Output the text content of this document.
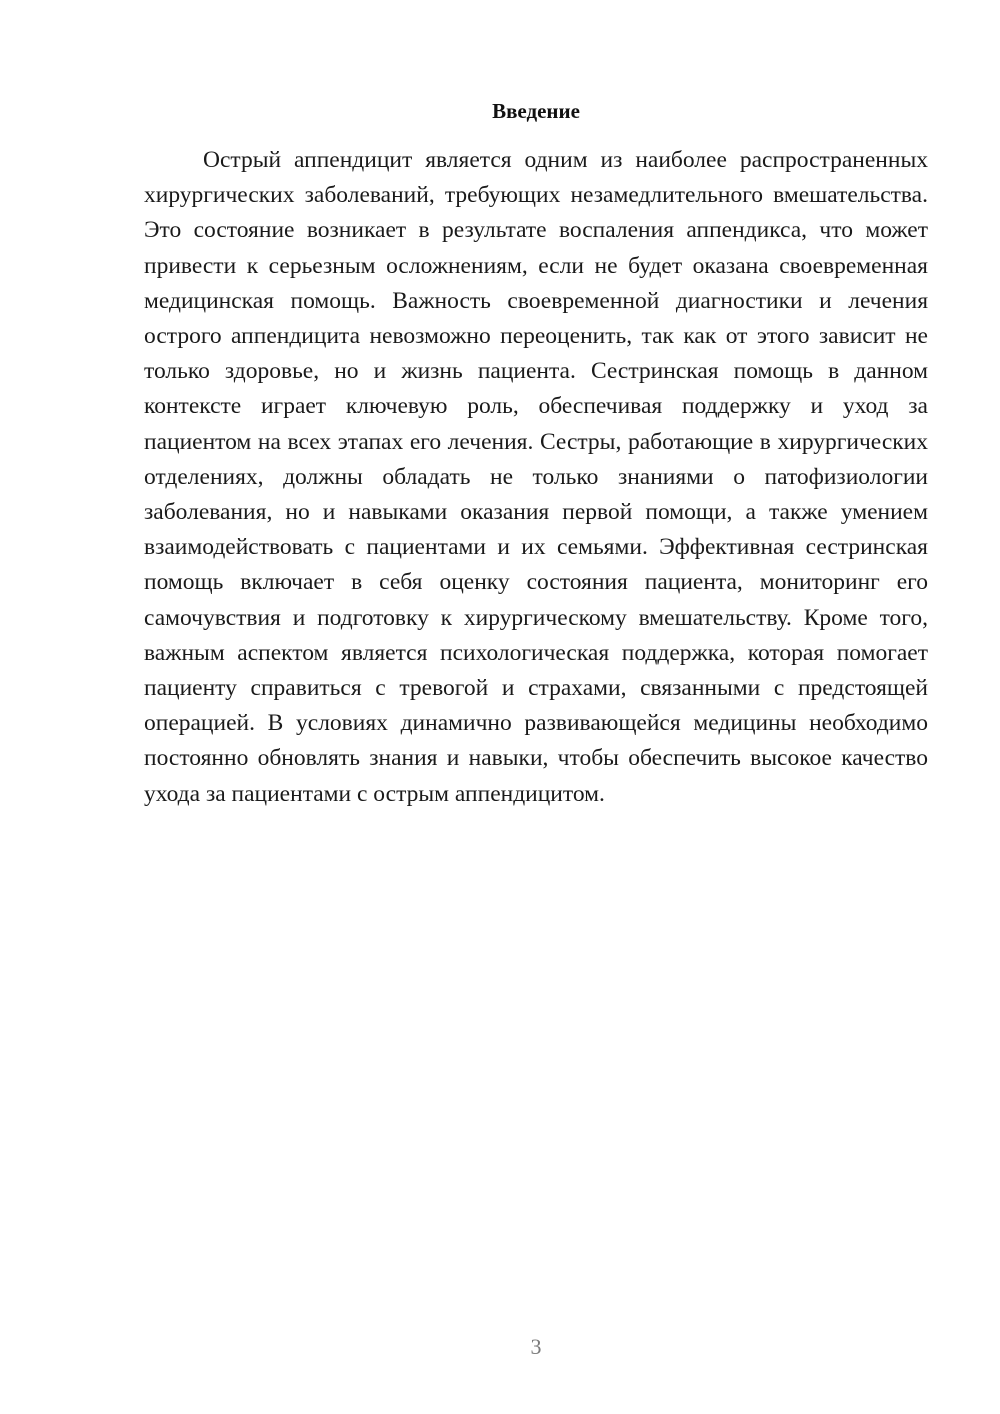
Введение

Острый аппендицит является одним из наиболее распространенных хирургических заболеваний, требующих незамедлительного вмешательства. Это состояние возникает в результате воспаления аппендикса, что может привести к серьезным осложнениям, если не будет оказана своевременная медицинская помощь. Важность своевременной диагностики и лечения острого аппендицита невозможно переоценить, так как от этого зависит не только здоровье, но и жизнь пациента. Сестринская помощь в данном контексте играет ключевую роль, обеспечивая поддержку и уход за пациентом на всех этапах его лечения. Сестры, работающие в хирургических отделениях, должны обладать не только знаниями о патофизиологии заболевания, но и навыками оказания первой помощи, а также умением взаимодействовать с пациентами и их семьями. Эффективная сестринская помощь включает в себя оценку состояния пациента, мониторинг его самочувствия и подготовку к хирургическому вмешательству. Кроме того, важным аспектом является психологическая поддержка, которая помогает пациенту справиться с тревогой и страхами, связанными с предстоящей операцией. В условиях динамично развивающейся медицины необходимо постоянно обновлять знания и навыки, чтобы обеспечить высокое качество ухода за пациентами с острым аппендицитом.

3
